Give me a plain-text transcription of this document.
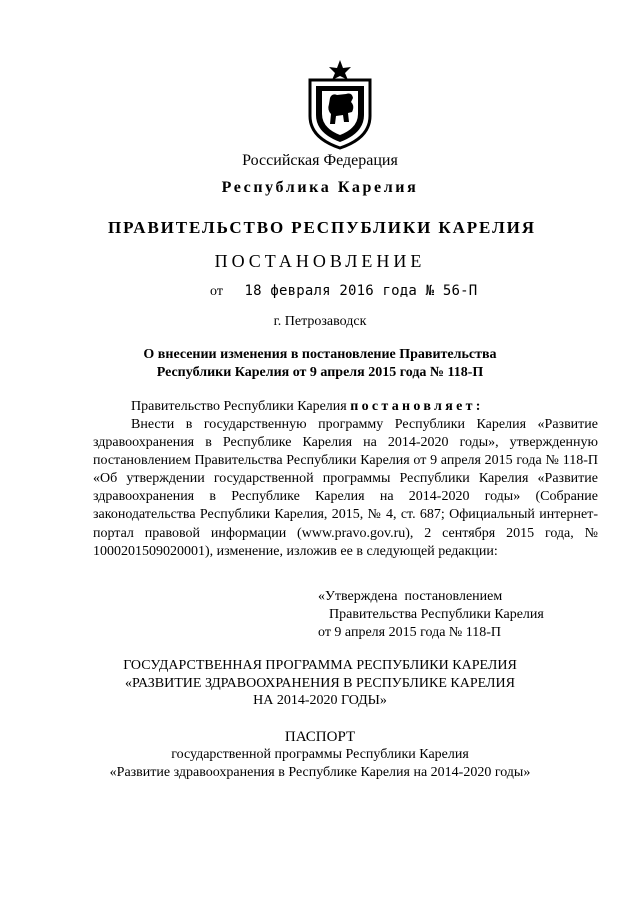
Российская Федерация
Республика Карелия
ПРАВИТЕЛЬСТВО РЕСПУБЛИКИ КАРЕЛИЯ
ПОСТАНОВЛЕНИЕ
от 18 февраля 2016 года № 56-П
г. Петрозаводск
О внесении изменения в постановление Правительства
Республики Карелия от 9 апреля 2015 года № 118-П
Правительство Республики Карелия постановляет:
Внести в государственную программу Республики Карелия «Развитие здравоохранения в Республике Карелия на 2014-2020 годы», утвержденную постановлением Правительства Республики Карелия от 9 апреля 2015 года № 118-П «Об утверждении государственной программы Республики Карелия «Развитие здравоохранения в Республике Карелия на 2014-2020 годы» (Собрание законодательства Республики Карелия, 2015, № 4, ст. 687; Официальный интернет-портал правовой информации (www.pravo.gov.ru), 2 сентября 2015 года, № 1000201509020001), изменение, изложив ее в следующей редакции:
«Утверждена  постановлением
Правительства Республики Карелия
от 9 апреля 2015 года № 118-П
ГОСУДАРСТВЕННАЯ ПРОГРАММА РЕСПУБЛИКИ КАРЕЛИЯ
«РАЗВИТИЕ ЗДРАВООХРАНЕНИЯ В РЕСПУБЛИКЕ КАРЕЛИЯ
НА 2014-2020 ГОДЫ»
ПАСПОРТ
государственной программы Республики Карелия
«Развитие здравоохранения в Республике Карелия на 2014-2020 годы»
